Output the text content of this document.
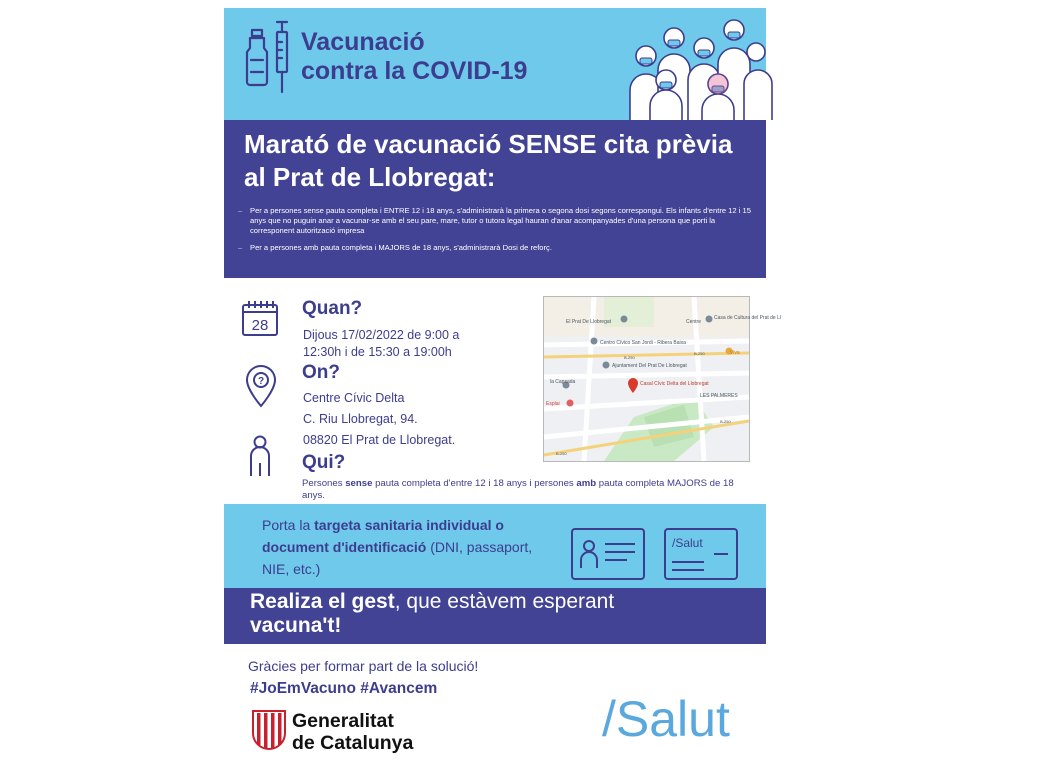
Vacunació
contra la COVID-19
Marató de vacunació SENSE cita prèvia
al Prat de Llobregat:
–	Per a persones sense pauta completa i ENTRE 12 i 18 anys, s'administrarà la primera o segona dosi segons correspongui. Els infants d'entre 12 i 15 anys que no puguin anar a vacunar-se amb el seu pare, mare, tutor o tutora legal hauran d'anar acompanyades d'una persona que porti la corresponent autorització impresa
–	Per a persones amb pauta completa i MAJORS de 18 anys, s'administrarà Dosi de reforç.
28
Quan?
Dijous 17/02/2022 de 9:00 a
12:30h i de 15:30 a 19:00h
? On?
Centre Cívic Delta
C. Riu Llobregat, 94.
08820 El Prat de Llobregat.
Qui?
Persones sense pauta completa d'entre 12 i 18 anys i persones amb pauta completa MAJORS de 18 anys.
El Prat De Llobregat
Casa de Cultura del Prat de Ll
Centre
Centro Cívico San Jordi - Ribera Baixa
Ajuntament Del Prat De Llobregat
la Capsada	Casal Cívic Delta del Llobregat
Esplai
LES PALMERES
Viva
B-250
B-250
B-250
B-250
Porta la targeta sanitaria individual o document d'identificació (DNI, passaport, NIE, etc.)
/Salut
Realiza el gest, que estàvem esperant
vacuna't!
Gràcies per formar part de la solució!
#JoEmVacuno #Avancem
Generalitat
de Catalunya	/Salut
